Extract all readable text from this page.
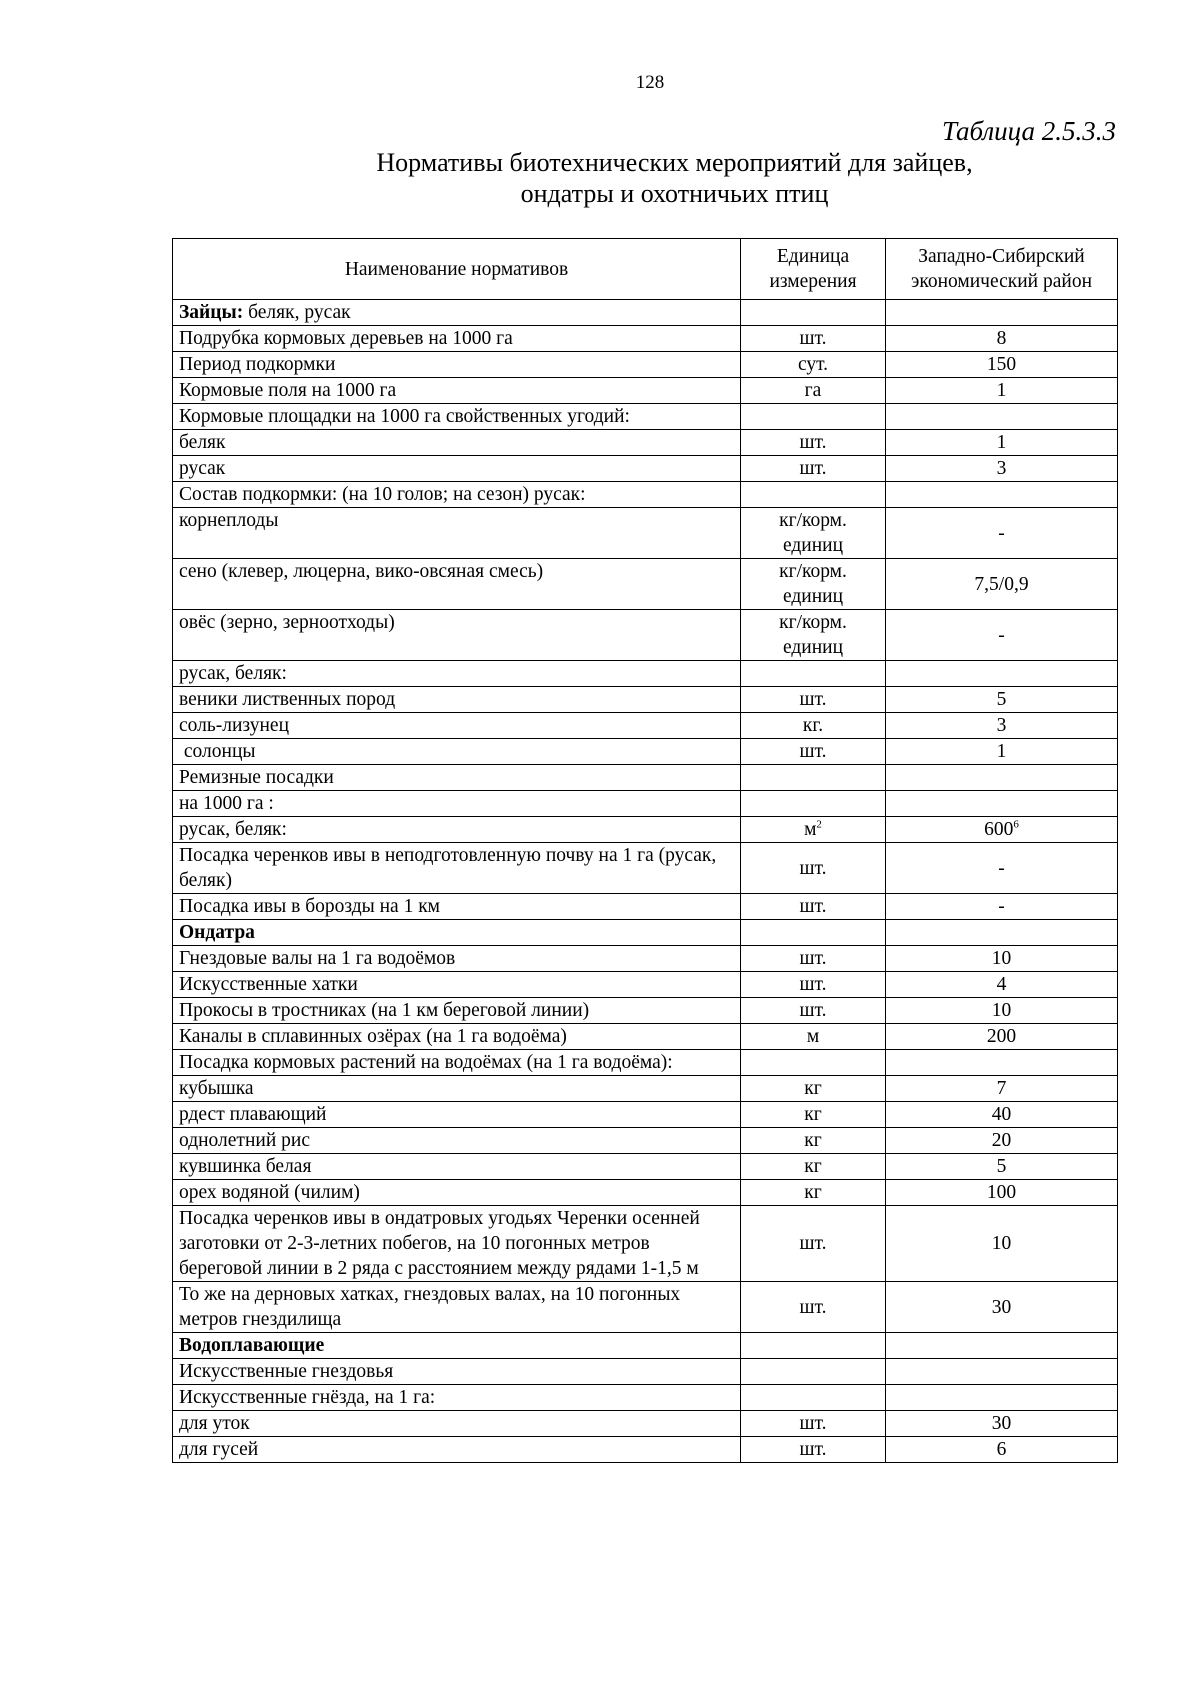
128
Таблица 2.5.3.3
Нормативы биотехнических мероприятий для зайцев,
ондатры и охотничьих птиц
Наименование нормативов	Единица измерения	Западно-Сибирский экономический район
Зайцы: беляк, русак		
Подрубка кормовых деревьев на 1000 га	шт.	8
Период подкормки	сут.	150
Кормовые поля на 1000 га	га	1
Кормовые площадки на 1000 га свойственных угодий:		
беляк	шт.	1
русак	шт.	3
Состав подкормки: (на 10 голов; на сезон) русак:		
корнеплоды	кг/корм. единиц	-
сено (клевер, люцерна, вико-овсяная смесь)	кг/корм. единиц	7,5/0,9
овёс (зерно, зерноотходы)	кг/корм. единиц	-
русак, беляк:		
веники лиственных пород	шт.	5
соль-лизунец	кг.	3
солонцы	шт.	1
Ремизные посадки		
на 1000 га :		
русак, беляк:	$м^2$	$600^6$
Посадка черенков ивы в неподготовленную почву на 1 га (русак, беляк)	шт.	-
Посадка ивы в борозды на 1 км	шт.	-
Ондатра		
Гнездовые валы на 1 га водоёмов	шт.	10
Искусственные хатки	шт.	4
Прокосы в тростниках (на 1 км береговой линии)	шт.	10
Каналы в сплавинных озёрах (на 1 га водоёма)	м	200
Посадка кормовых растений на водоёмах (на 1 га водоёма):		
кубышка	кг	7
рдест плавающий	кг	40
однолетний рис	кг	20
кувшинка белая	кг	5
орех водяной (чилим)	кг	100
Посадка черенков ивы в ондатровых угодьях Черенки осенней заготовки от 2-3-летних побегов, на 10 погонных метров береговой линии в 2 ряда с расстоянием между рядами 1-1,5 м	шт.	10
То же на дерновых хатках, гнездовых валах, на 10 погонных метров гнездилища	шт.	30
Водоплавающие		
Искусственные гнездовья		
Искусственные гнёзда, на 1 га:		
для уток	шт.	30
для гусей	шт.	6
